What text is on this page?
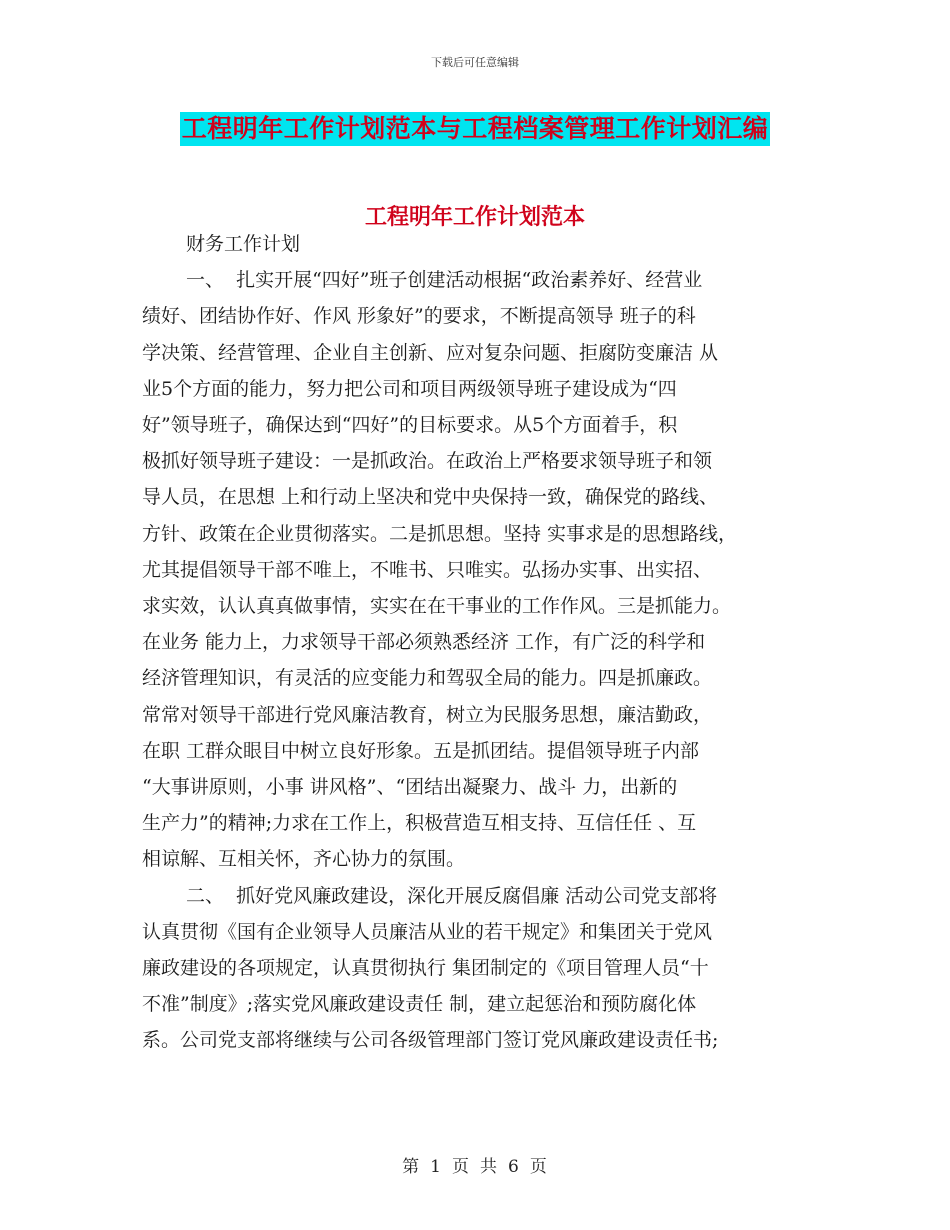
下载后可任意编辑
工程明年工作计划范本与工程档案管理工作计划汇编
工程明年工作计划范本

财务工作计划

一、  扎实开展“四好”班子创建活动根据“政治素养好、经营业
绩好、团结协作好、作风 形象好”的要求，不断提高领导 班子的科
学决策、经营管理、企业自主创新、应对复杂问题、拒腐防变廉洁 从
业5个方面的能力，努力把公司和项目两级领导班子建设成为“四
好”领导班子，确保达到“四好”的目标要求。从5个方面着手，积
极抓好领导班子建设：一是抓政治。在政治上严格要求领导班子和领
导人员，在思想 上和行动上坚决和党中央保持一致，确保党的路线、
方针、政策在企业贯彻落实。二是抓思想。坚持 实事求是的思想路线，
尤其提倡领导干部不唯上，不唯书、只唯实。弘扬办实事、出实招、
求实效，认认真真做事情，实实在在干事业的工作作风。三是抓能力。
在业务 能力上，力求领导干部必须熟悉经济 工作，有广泛的科学和
经济管理知识，有灵活的应变能力和驾驭全局的能力。四是抓廉政。
常常对领导干部进行党风廉洁教育，树立为民服务思想，廉洁勤政，
在职 工群众眼目中树立良好形象。五是抓团结。提倡领导班子内部
“大事讲原则，小事 讲风格”、“团结出凝聚力、战斗 力，出新的
生产力”的精神;力求在工作上，积极营造互相支持、互信任任 、互
相谅解、互相关怀，齐心协力的氛围。

二、  抓好党风廉政建设，深化开展反腐倡廉 活动公司党支部将
认真贯彻《国有企业领导人员廉洁从业的若干规定》和集团关于党风
廉政建设的各项规定，认真贯彻执行 集团制定的《项目管理人员“十
不准”制度》;落实党风廉政建设责任 制，建立起惩治和预防腐化体
系。公司党支部将继续与公司各级管理部门签订党风廉政建设责任书;

第 1 页 共 6 页
